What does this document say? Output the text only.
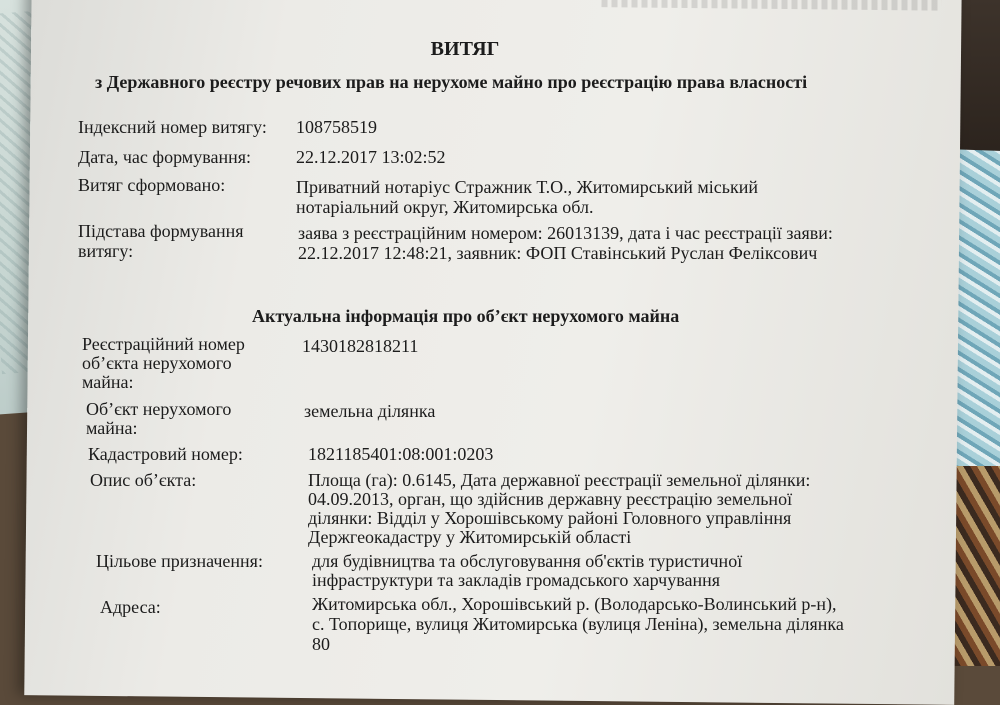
ВИТЯГ
з Державного реєстру речових прав на нерухоме майно про реєстрацію права власності
Індексний номер витягу: 108758519
Дата, час формування:	22.12.2017 13:02:52
Витяг сформовано:	Приватний нотаріус Стражник Т.О., Житомирський міський
нотаріальний округ, Житомирська обл.
Підстава формування
витягу:
заява з реєстраційним номером: 26013139, дата і час реєстрації заяви:
22.12.2017 12:48:21, заявник: ФОП Ставінський Руслан Феліксович
Актуальна інформація про об’єкт нерухомого майна
Реєстраційний номер
об’єкта нерухомого
майна:
1430182818211
Об’єкт нерухомого
майна:
земельна ділянка
Кадастровий номер:	1821185401:08:001:0203
Опис об’єкта:	Площа (га): 0.6145, Дата державної реєстрації земельної ділянки:
04.09.2013, орган, що здійснив державну реєстрацію земельної
ділянки: Відділ у Хорошівському районі Головного управління
Держгеокадастру у Житомирській області
Цільове призначення:	для будівництва та обслуговування об'єктів туристичної
інфраструктури та закладів громадського харчування
Адреса:	Житомирська обл., Хорошівський р. (Володарсько-Волинський р-н),
с. Топорище, вулиця Житомирська (вулиця Леніна), земельна ділянка
80
